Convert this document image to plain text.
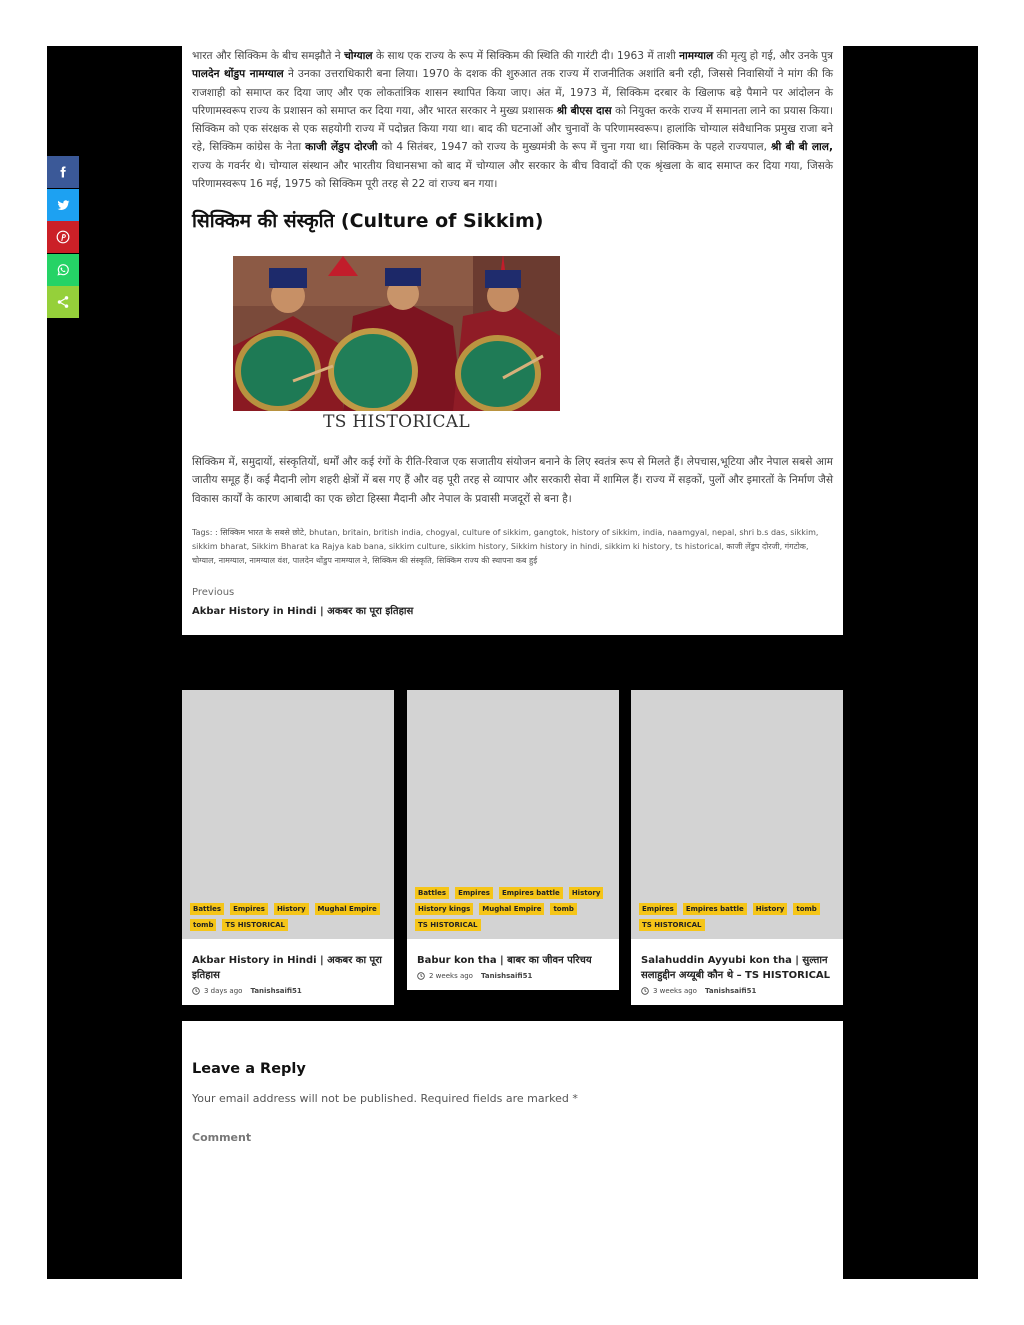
भारत और सिक्किम के बीच समझौते ने चोग्याल के साथ एक राज्य के रूप में सिक्किम की स्थिति की गारंटी दी। 1963 में ताशी नामग्याल की मृत्यु हो गई, और उनके पुत्र पालदेन थोंडुप नामग्याल ने उनका उत्तराधिकारी बना लिया। 1970 के दशक की शुरुआत तक राज्य में राजनीतिक अशांति बनी रही, जिससे निवासियों ने मांग की कि राजशाही को समाप्त कर दिया जाए और एक लोकतांत्रिक शासन स्थापित किया जाए। अंत में, 1973 में, सिक्किम दरबार के खिलाफ बड़े पैमाने पर आंदोलन के परिणामस्वरूप राज्य के प्रशासन को समाप्त कर दिया गया, और भारत सरकार ने मुख्य प्रशासक श्री बीएस दास को नियुक्त करके राज्य में समानता लाने का प्रयास किया। सिक्किम को एक संरक्षक से एक सहयोगी राज्य में पदोन्नत किया गया था। बाद की घटनाओं और चुनावों के परिणामस्वरूप। हालांकि चोग्याल संवैधानिक प्रमुख राजा बने रहे, सिक्किम कांग्रेस के नेता काजी लेंडुप दोरजी को 4 सितंबर, 1947 को राज्य के मुख्यमंत्री के रूप में चुना गया था। सिक्किम के पहले राज्यपाल, श्री बी बी लाल, राज्य के गवर्नर थे। चोग्याल संस्थान और भारतीय विधानसभा को बाद में चोग्याल और सरकार के बीच विवादों की एक श्रृंखला के बाद समाप्त कर दिया गया, जिसके परिणामस्वरूप 16 मई, 1975 को सिक्किम पूरी तरह से 22 वां राज्य बन गया।

सिक्किम की संस्कृति (Culture of Sikkim)
TS HISTORICAL

सिक्किम में, समुदायों, संस्कृतियों, धर्मों और कई रंगों के रीति-रिवाज एक सजातीय संयोजन बनाने के लिए स्वतंत्र रूप से मिलते हैं। लेपचास,भूटिया और नेपाल सबसे आम जातीय समूह हैं। कई मैदानी लोग शहरी क्षेत्रों में बस गए हैं और वह पूरी तरह से व्यापार और सरकारी सेवा में शामिल हैं। राज्य में सड़कों, पुलों और इमारतों के निर्माण जैसे विकास कार्यों के कारण आबादी का एक छोटा हिस्सा मैदानी और नेपाल के प्रवासी मजदूरों से बना है।

Tags: : सिक्किम भारत के सबसे छोटे, bhutan, britain, british india, chogyal, culture of sikkim, gangtok, history of sikkim, india, naamgyal, nepal, shri b.s das, sikkim, sikkim bharat, Sikkim Bharat ka Rajya kab bana, sikkim culture, sikkim history, Sikkim history in hindi, sikkim ki history, ts historical, काजी लेंडुप दोरजी, गंगटोक, चोग्याल, नामग्याल, नामग्याल वंश, पालदेन थोंडुप नामग्याल ने, सिक्किम की संस्कृति, सिक्किम राज्य की स्थापना कब हुई
Previous
Akbar History in Hindi | अकबर का पूरा इतिहास
Battles	Empires	History	Mughal Empire
tomb	TS HISTORICAL
Akbar History in Hindi | अकबर का पूरा इतिहास
3 days ago Tanishsaifi51
Battles	Empires	Empires battle	History
History kings	Mughal Empire	tomb
TS HISTORICAL
Babur kon tha | बाबर का जीवन परिचय
2 weeks ago Tanishsaifi51
Empires	Empires battle	History	tomb
TS HISTORICAL
Salahuddin Ayyubi kon tha | सुल्तान सलाहुद्दीन अय्यूबी कौन थे – TS HISTORICAL
3 weeks ago Tanishsaifi51
Leave a Reply
Your email address will not be published. Required fields are marked *
Comment
